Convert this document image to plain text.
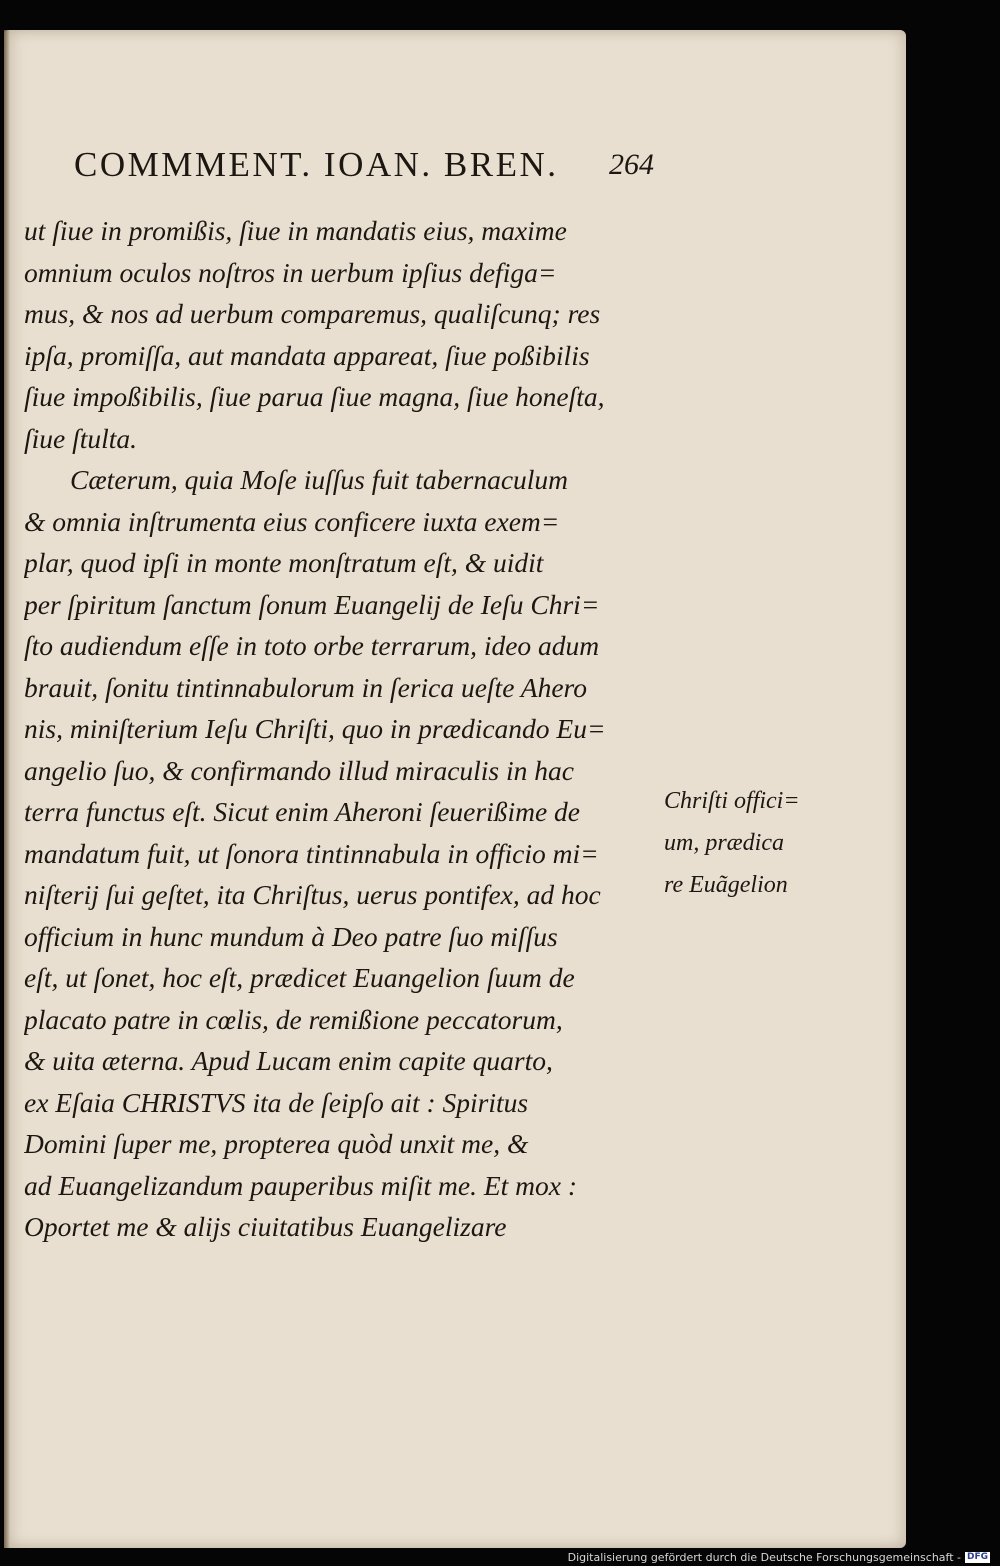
COMMMENT. IOAN. BREN. 264
ut ſiue in promißis, ſiue in mandatis eius, maxime
omnium oculos noſtros in uerbum ipſius defiga=
mus, & nos ad uerbum comparemus, qualiſcunq; res
ipſa, promiſſa, aut mandata appareat, ſiue poßibilis
ſiue impoßibilis, ſiue parua ſiue magna, ſiue honeſta,
ſiue ſtulta.
Cæterum, quia Moſe iuſſus fuit tabernaculum
& omnia inſtrumenta eius conficere iuxta exem=
plar, quod ipſi in monte monſtratum eſt, & uidit
per ſpiritum ſanctum ſonum Euangelij de Ieſu Chri=
ſto audiendum eſſe in toto orbe terrarum, ideo adum
brauit, ſonitu tintinnabulorum in ſerica ueſte Ahero
nis, miniſterium Ieſu Chriſti, quo in prædicando Eu=
angelio ſuo, & confirmando illud miraculis in hac
terra functus eſt. Sicut enim Aheroni ſeuerißime de
mandatum fuit, ut ſonora tintinnabula in officio mi=
niſterij ſui geſtet, ita Chriſtus, uerus pontifex, ad hoc
officium in hunc mundum à Deo patre ſuo miſſus
eſt, ut ſonet, hoc eſt, prædicet Euangelion ſuum de
placato patre in cœlis, de remißione peccatorum,
& uita æterna. Apud Lucam enim capite quarto,
ex Eſaia CHRISTVS ita de ſeipſo ait : Spiritus
Domini ſuper me, propterea quòd unxit me, &
ad Euangelizandum pauperibus miſit me. Et mox :
Oportet me & alijs ciuitatibus Euangelizare
Chriſti offici=
um, prædica
re Euãgelion
Digitalisierung gefördert durch die Deutsche Forschungsgemeinschaft - DFG
